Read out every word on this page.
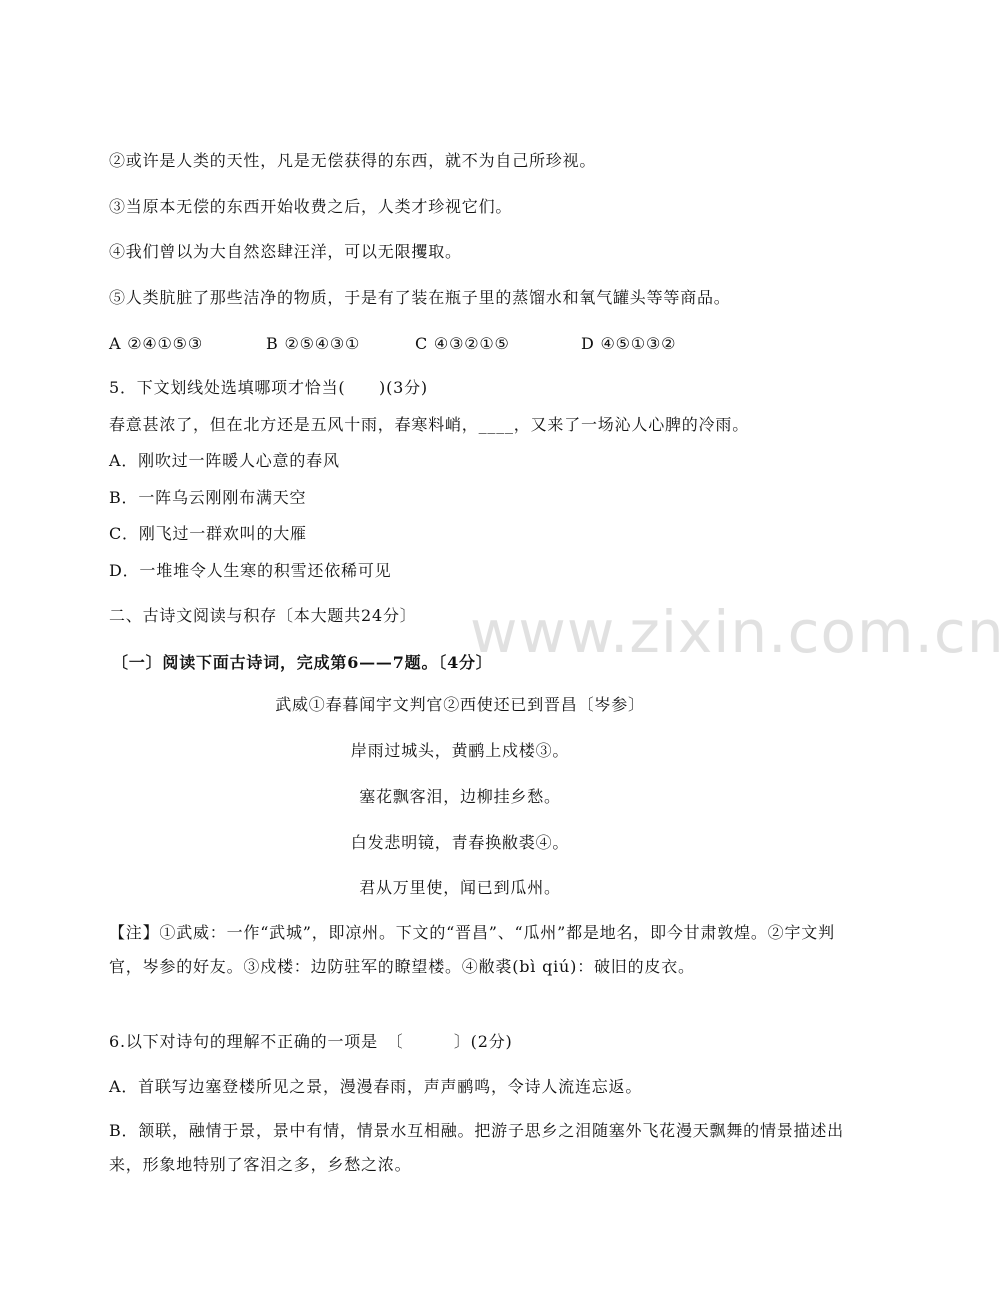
www.zixin.com.cn
②或许是人类的天性，凡是无偿获得的东西，就不为自己所珍视。
③当原本无偿的东西开始收费之后，人类才珍视它们。
④我们曾以为大自然恣肆汪洋，可以无限攫取。
⑤人类肮脏了那些洁净的物质，于是有了装在瓶子里的蒸馏水和氧气罐头等等商品。
A ②④①⑤③	B ②⑤④③①	C ④③②①⑤	D ④⑤①③②
5．下文划线处选填哪项才恰当(　　)(3分)
春意甚浓了，但在北方还是五风十雨，春寒料峭，____，又来了一场沁人心脾的冷雨。
A．刚吹过一阵暖人心意的春风
B．一阵乌云刚刚布满天空
C．刚飞过一群欢叫的大雁
D．一堆堆令人生寒的积雪还依稀可见
二、古诗文阅读与积存〔本大题共24分〕
〔一〕阅读下面古诗词，完成第6——7题。〔4分〕
武威①春暮闻宇文判官②西使还已到晋昌〔岑参〕
岸雨过城头，黄鹂上戍楼③。
塞花飘客泪，边柳挂乡愁。
白发悲明镜，青春换敝裘④。
君从万里使，闻已到瓜州。
【注】①武威：一作“武城”，即凉州。下文的“晋昌”、“瓜州”都是地名，即今甘肃敦煌。②宇文判官，岑参的好友。③戍楼：边防驻军的瞭望楼。④敝裘(bì qiú)：破旧的皮衣。
6.以下对诗句的理解不正确的一项是　〔　　　〕(2分)
A．首联写边塞登楼所见之景，漫漫春雨，声声鹂鸣，令诗人流连忘返。
B．颔联，融情于景，景中有情，情景水互相融。把游子思乡之泪随塞外飞花漫天飘舞的情景描述出来，形象地特别了客泪之多，乡愁之浓。
